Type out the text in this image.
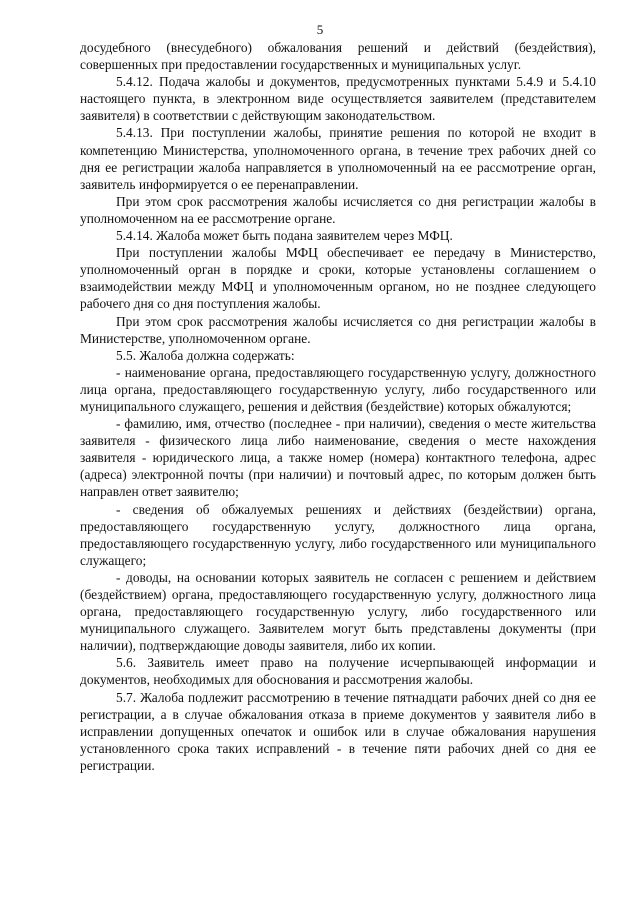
5

досудебного (внесудебного) обжалования решений и действий (бездействия), совершенных при предоставлении государственных и муниципальных услуг.

5.4.12. Подача жалобы и документов, предусмотренных пунктами 5.4.9 и 5.4.10 настоящего пункта, в электронном виде осуществляется заявителем (представителем заявителя) в соответствии с действующим законодательством.

5.4.13. При поступлении жалобы, принятие решения по которой не входит в компетенцию Министерства, уполномоченного органа, в течение трех рабочих дней со дня ее регистрации жалоба направляется в уполномоченный на ее рассмотрение орган, заявитель информируется о ее перенаправлении.

При этом срок рассмотрения жалобы исчисляется со дня регистрации жалобы в уполномоченном на ее рассмотрение органе.

5.4.14. Жалоба может быть подана заявителем через МФЦ.

При поступлении жалобы МФЦ обеспечивает ее передачу в Министерство, уполномоченный орган в порядке и сроки, которые установлены соглашением о взаимодействии между МФЦ и уполномоченным органом, но не позднее следующего рабочего дня со дня поступления жалобы.

При этом срок рассмотрения жалобы исчисляется со дня регистрации жалобы в Министерстве, уполномоченном органе.

5.5. Жалоба должна содержать:

- наименование органа, предоставляющего государственную услугу, должностного лица органа, предоставляющего государственную услугу, либо государственного или муниципального служащего, решения и действия (бездействие) которых обжалуются;

- фамилию, имя, отчество (последнее - при наличии), сведения о месте жительства заявителя - физического лица либо наименование, сведения о месте нахождения заявителя - юридического лица, а также номер (номера) контактного телефона, адрес (адреса) электронной почты (при наличии) и почтовый адрес, по которым должен быть направлен ответ заявителю;

- сведения об обжалуемых решениях и действиях (бездействии) органа, предоставляющего государственную услугу, должностного лица органа, предоставляющего государственную услугу, либо государственного или муниципального служащего;

- доводы, на основании которых заявитель не согласен с решением и действием (бездействием) органа, предоставляющего государственную услугу, должностного лица органа, предоставляющего государственную услугу, либо государственного или муниципального служащего. Заявителем могут быть представлены документы (при наличии), подтверждающие доводы заявителя, либо их копии.

5.6. Заявитель имеет право на получение исчерпывающей информации и документов, необходимых для обоснования и рассмотрения жалобы.

5.7. Жалоба подлежит рассмотрению в течение пятнадцати рабочих дней со дня ее регистрации, а в случае обжалования отказа в приеме документов у заявителя либо в исправлении допущенных опечаток и ошибок или в случае обжалования нарушения установленного срока таких исправлений - в течение пяти рабочих дней со дня ее регистрации.
